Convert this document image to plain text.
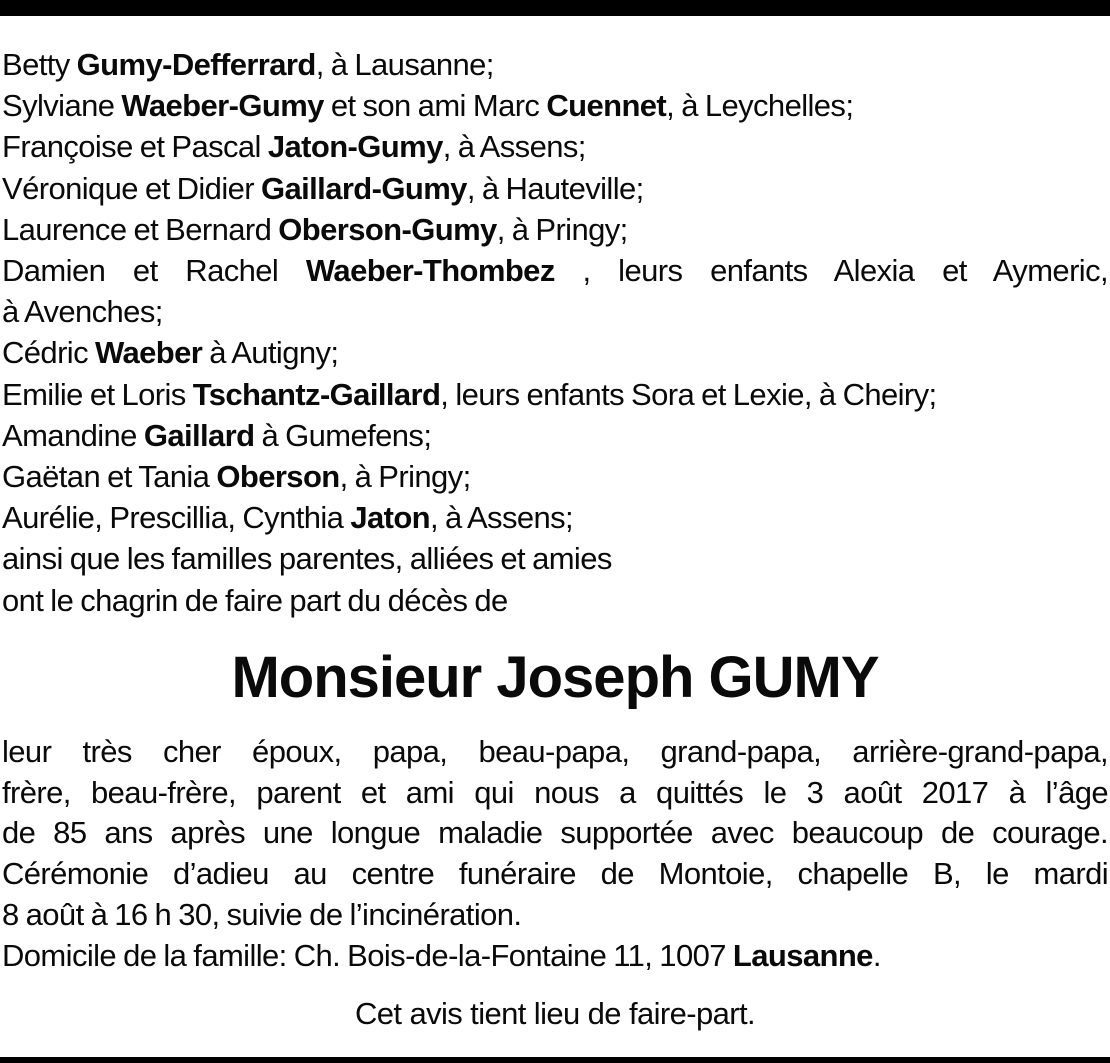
Betty Gumy-Defferrard, à Lausanne;
Sylviane Waeber-Gumy et son ami Marc Cuennet, à Leychelles;
Françoise et Pascal Jaton-Gumy, à Assens;
Véronique et Didier Gaillard-Gumy, à Hauteville;
Laurence et Bernard Oberson-Gumy, à Pringy;
Damien et Rachel Waeber-Thombez , leurs enfants Alexia et Aymeric,
à Avenches;
Cédric Waeber à Autigny;
Emilie et Loris Tschantz-Gaillard, leurs enfants Sora et Lexie, à Cheiry;
Amandine Gaillard à Gumefens;
Gaëtan et Tania Oberson, à Pringy;
Aurélie, Prescillia, Cynthia Jaton, à Assens;
ainsi que les familles parentes, alliées et amies
ont le chagrin de faire part du décès de
Monsieur Joseph GUMY
leur très cher époux, papa, beau-papa, grand-papa, arrière-grand-papa,
frère, beau-frère, parent et ami qui nous a quittés le 3 août 2017 à l’âge
de 85 ans après une longue maladie supportée avec beaucoup de courage.
Cérémonie d’adieu au centre funéraire de Montoie, chapelle B, le mardi
8 août à 16 h 30, suivie de l’incinération.
Domicile de la famille: Ch. Bois-de-la-Fontaine 11, 1007 Lausanne.
Cet avis tient lieu de faire-part.
